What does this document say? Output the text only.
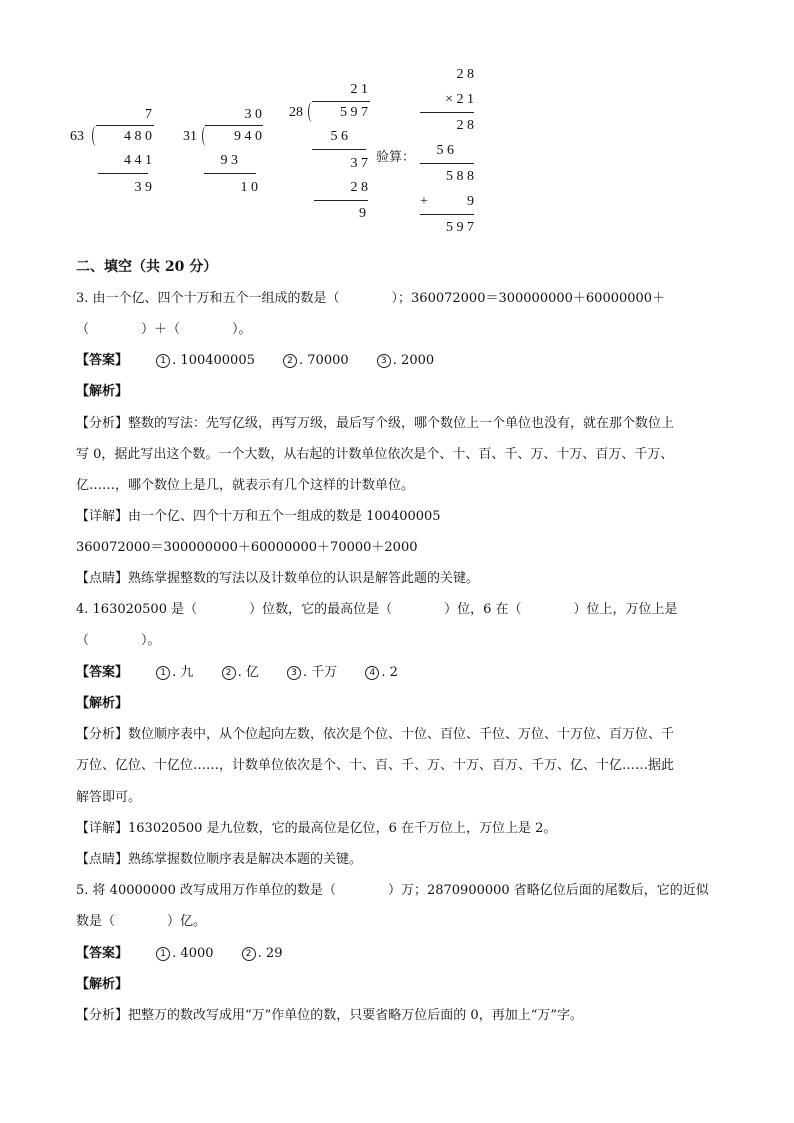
7
63	4 8 0
4 4 1
3 9
3 0
31	9 4 0
9 3
1 0
2 1
28	5 9 7
5 6
3 7
2 8
9
验算：
2 8
× 2 1
2 8
5 6
5 8 8
+	9
5 9 7
二、填空（共 20 分）
3. 由一个亿、四个十万和五个一组成的数是（　　　　）；360072000＝300000000＋60000000＋
（　　　　）＋（　　　　）。
【答案】	1 . 100400005	2 . 70000	3 . 2000
【解析】
【分析】整数的写法：先写亿级，再写万级，最后写个级，哪个数位上一个单位也没有，就在那个数位上
写 0，据此写出这个数。一个大数，从右起的计数单位依次是个、十、百、千、万、十万、百万、千万、
亿……，哪个数位上是几，就表示有几个这样的计数单位。
【详解】由一个亿、四个十万和五个一组成的数是 100400005
360072000＝300000000＋60000000＋70000＋2000
【点睛】熟练掌握整数的写法以及计数单位的认识是解答此题的关键。
4. 163020500 是（　　　　）位数，它的最高位是（　　　　）位，6 在（　　　　）位上，万位上是
（　　　　）。
【答案】	1 . 九	2 . 亿	3 . 千万	4 . 2
【解析】
【分析】数位顺序表中，从个位起向左数，依次是个位、十位、百位、千位、万位、十万位、百万位、千
万位、亿位、十亿位……，计数单位依次是个、十、百、千、万、十万、百万、千万、亿、十亿……据此
解答即可。
【详解】163020500 是九位数，它的最高位是亿位，6 在千万位上，万位上是 2。
【点睛】熟练掌握数位顺序表是解决本题的关键。
5. 将 40000000 改写成用万作单位的数是（　　　　）万；2870900000 省略亿位后面的尾数后，它的近似
数是（　　　　）亿。
【答案】	1 . 4000	2 . 29
【解析】
【分析】把整万的数改写成用“万”作单位的数，只要省略万位后面的 0，再加上“万”字。
